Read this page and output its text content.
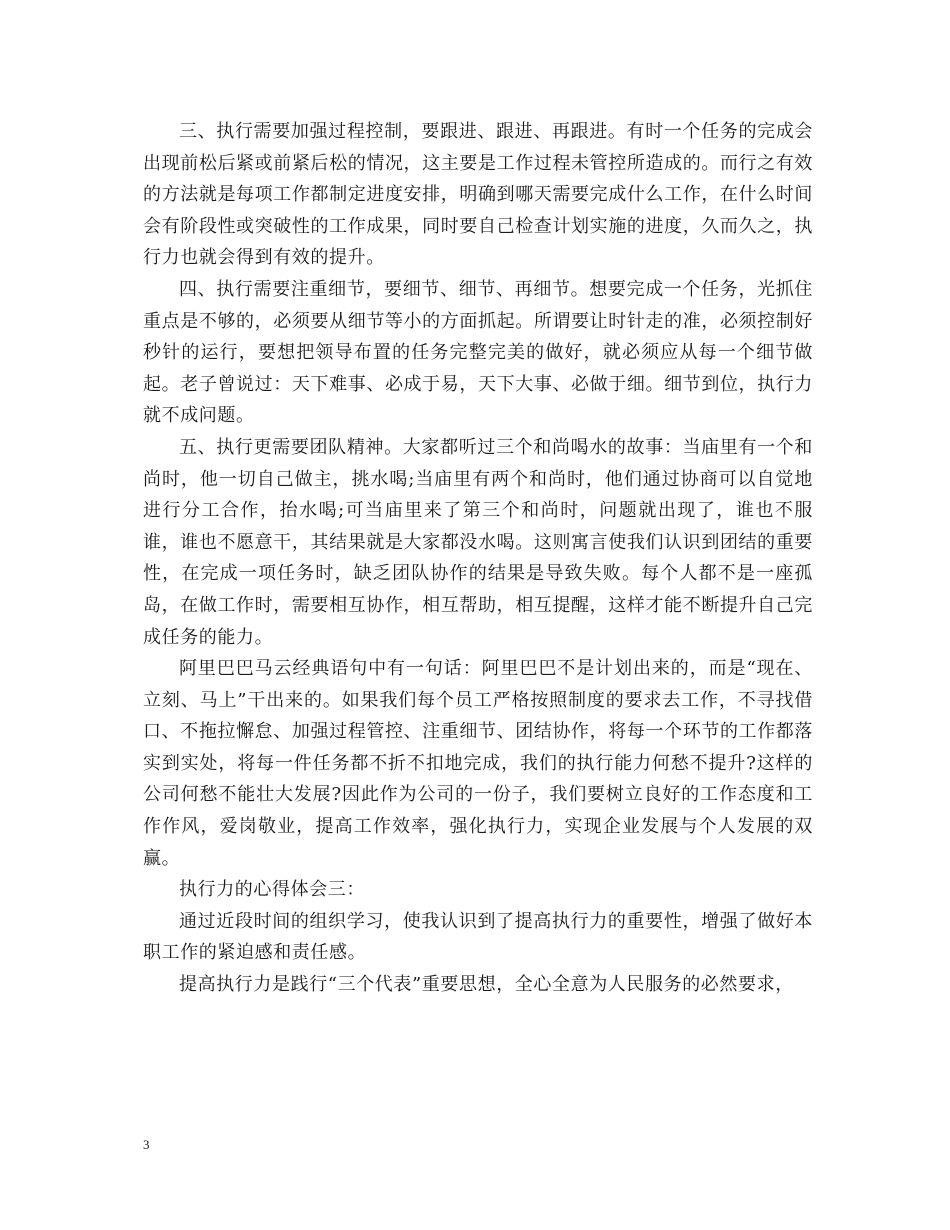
三、执行需要加强过程控制，要跟进、跟进、再跟进。有时一个任务的完成会出现前松后紧或前紧后松的情况，这主要是工作过程未管控所造成的。而行之有效的方法就是每项工作都制定进度安排，明确到哪天需要完成什么工作，在什么时间会有阶段性或突破性的工作成果，同时要自己检查计划实施的进度，久而久之，执行力也就会得到有效的提升。

四、执行需要注重细节，要细节、细节、再细节。想要完成一个任务，光抓住重点是不够的，必须要从细节等小的方面抓起。所谓要让时针走的准，必须控制好秒针的运行，要想把领导布置的任务完整完美的做好，就必须应从每一个细节做起。老子曾说过：天下难事、必成于易，天下大事、必做于细。细节到位，执行力就不成问题。

五、执行更需要团队精神。大家都听过三个和尚喝水的故事：当庙里有一个和尚时，他一切自己做主，挑水喝;当庙里有两个和尚时，他们通过协商可以自觉地进行分工合作，抬水喝;可当庙里来了第三个和尚时，问题就出现了，谁也不服谁，谁也不愿意干，其结果就是大家都没水喝。这则寓言使我们认识到团结的重要性，在完成一项任务时，缺乏团队协作的结果是导致失败。每个人都不是一座孤岛，在做工作时，需要相互协作，相互帮助，相互提醒，这样才能不断提升自己完成任务的能力。

阿里巴巴马云经典语句中有一句话：阿里巴巴不是计划出来的，而是“现在、立刻、马上”干出来的。如果我们每个员工严格按照制度的要求去工作，不寻找借口、不拖拉懈怠、加强过程管控、注重细节、团结协作，将每一个环节的工作都落实到实处，将每一件任务都不折不扣地完成，我们的执行能力何愁不提升?这样的公司何愁不能壮大发展?因此作为公司的一份子，我们要树立良好的工作态度和工作作风，爱岗敬业，提高工作效率，强化执行力，实现企业发展与个人发展的双赢。

执行力的心得体会三：

通过近段时间的组织学习，使我认识到了提高执行力的重要性，增强了做好本职工作的紧迫感和责任感。

提高执行力是践行“三个代表”重要思想，全心全意为人民服务的必然要求，

3
